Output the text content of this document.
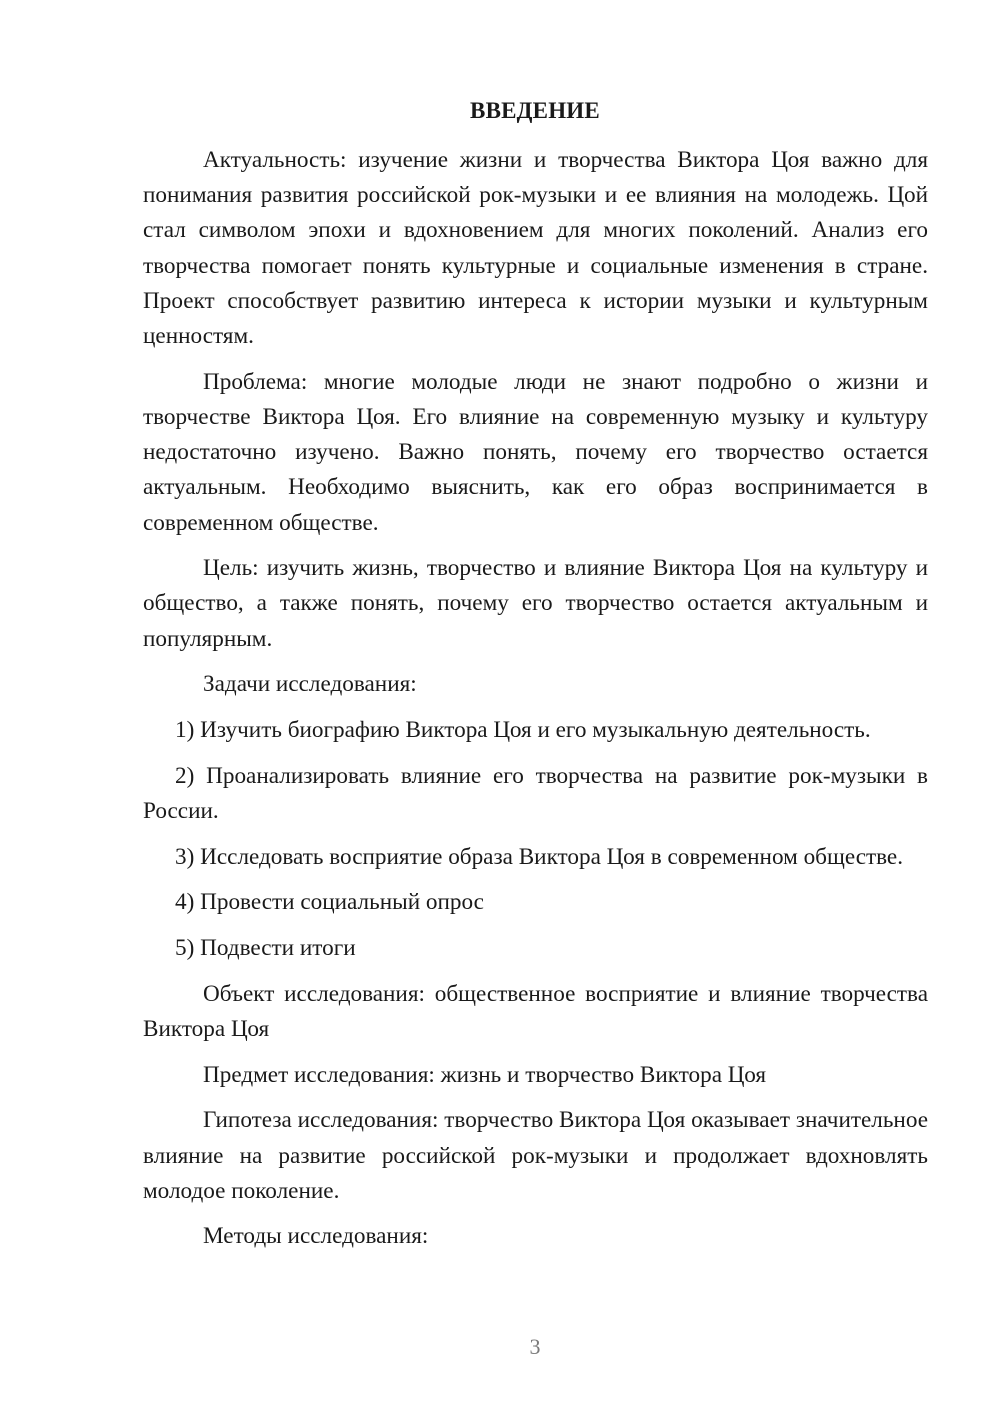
ВВЕДЕНИЕ

Актуальность: изучение жизни и творчества Виктора Цоя важно для понимания развития российской рок-музыки и ее влияния на молодежь. Цой стал символом эпохи и вдохновением для многих поколений. Анализ его творчества помогает понять культурные и социальные изменения в стране. Проект способствует развитию интереса к истории музыки и культурным ценностям.

Проблема: многие молодые люди не знают подробно о жизни и творчестве Виктора Цоя. Его влияние на современную музыку и культуру недостаточно изучено. Важно понять, почему его творчество остается актуальным. Необходимо выяснить, как его образ воспринимается в современном обществе.

Цель: изучить жизнь, творчество и влияние Виктора Цоя на культуру и общество, а также понять, почему его творчество остается актуальным и популярным.

Задачи исследования:

1) Изучить биографию Виктора Цоя и его музыкальную деятельность.

2) Проанализировать влияние его творчества на развитие рок-музыки в России.

3) Исследовать восприятие образа Виктора Цоя в современном обществе.

4) Провести социальный опрос

5) Подвести итоги

Объект исследования: общественное восприятие и влияние творчества Виктора Цоя

Предмет исследования: жизнь и творчество Виктора Цоя

Гипотеза исследования: творчество Виктора Цоя оказывает значительное влияние на развитие российской рок-музыки и продолжает вдохновлять молодое поколение.

Методы исследования:

3
